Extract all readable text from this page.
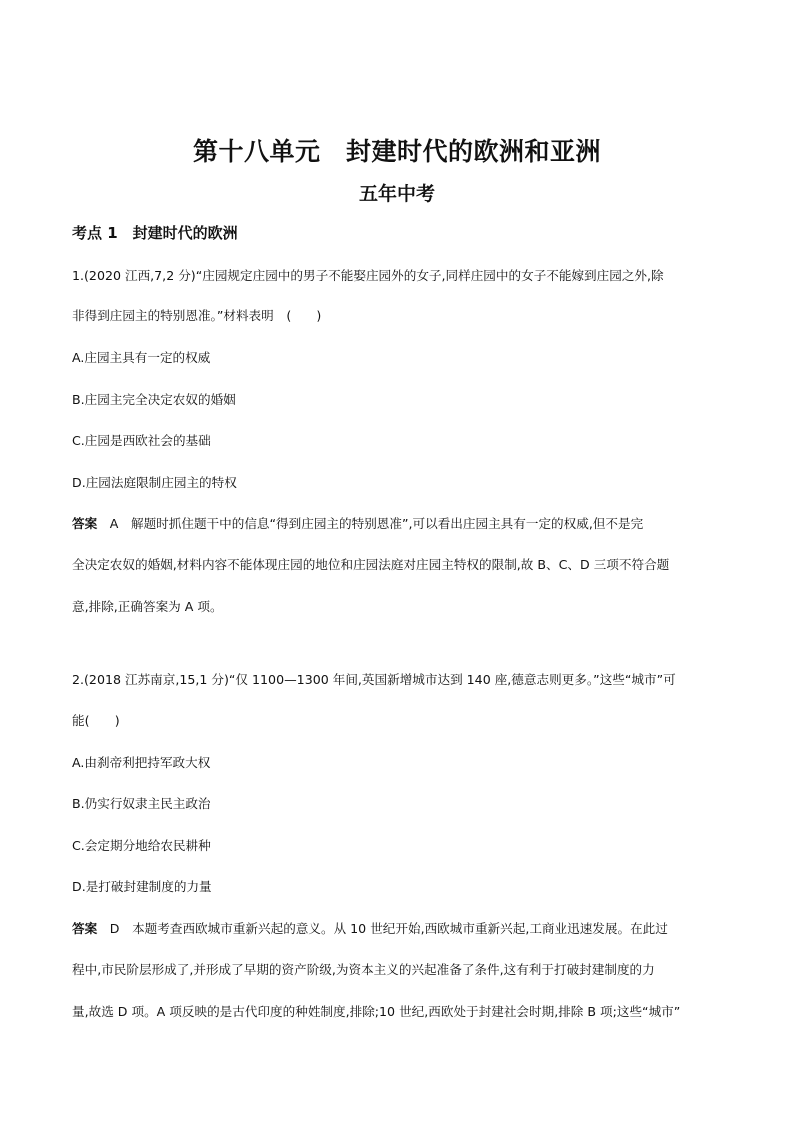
第十八单元　封建时代的欧洲和亚洲
五年中考
考点 1　封建时代的欧洲
1.(2020 江西,7,2 分)“庄园规定庄园中的男子不能娶庄园外的女子,同样庄园中的女子不能嫁到庄园之外,除
非得到庄园主的特别恩准。”材料表明　(　　)
A.庄园主具有一定的权威
B.庄园主完全决定农奴的婚姻
C.庄园是西欧社会的基础
D.庄园法庭限制庄园主的特权
答案　A　解题时抓住题干中的信息“得到庄园主的特别恩准”,可以看出庄园主具有一定的权威,但不是完
全决定农奴的婚姻,材料内容不能体现庄园的地位和庄园法庭对庄园主特权的限制,故 B、C、D 三项不符合题
意,排除,正确答案为 A 项。
2.(2018 江苏南京,15,1 分)“仅 1100—1300 年间,英国新增城市达到 140 座,德意志则更多。”这些“城市”可
能(　　)
A.由刹帝利把持军政大权
B.仍实行奴隶主民主政治
C.会定期分地给农民耕种
D.是打破封建制度的力量
答案　D　本题考查西欧城市重新兴起的意义。从 10 世纪开始,西欧城市重新兴起,工商业迅速发展。在此过
程中,市民阶层形成了,并形成了早期的资产阶级,为资本主义的兴起准备了条件,这有利于打破封建制度的力
量,故选 D 项。A 项反映的是古代印度的种姓制度,排除;10 世纪,西欧处于封建社会时期,排除 B 项;这些“城市”
